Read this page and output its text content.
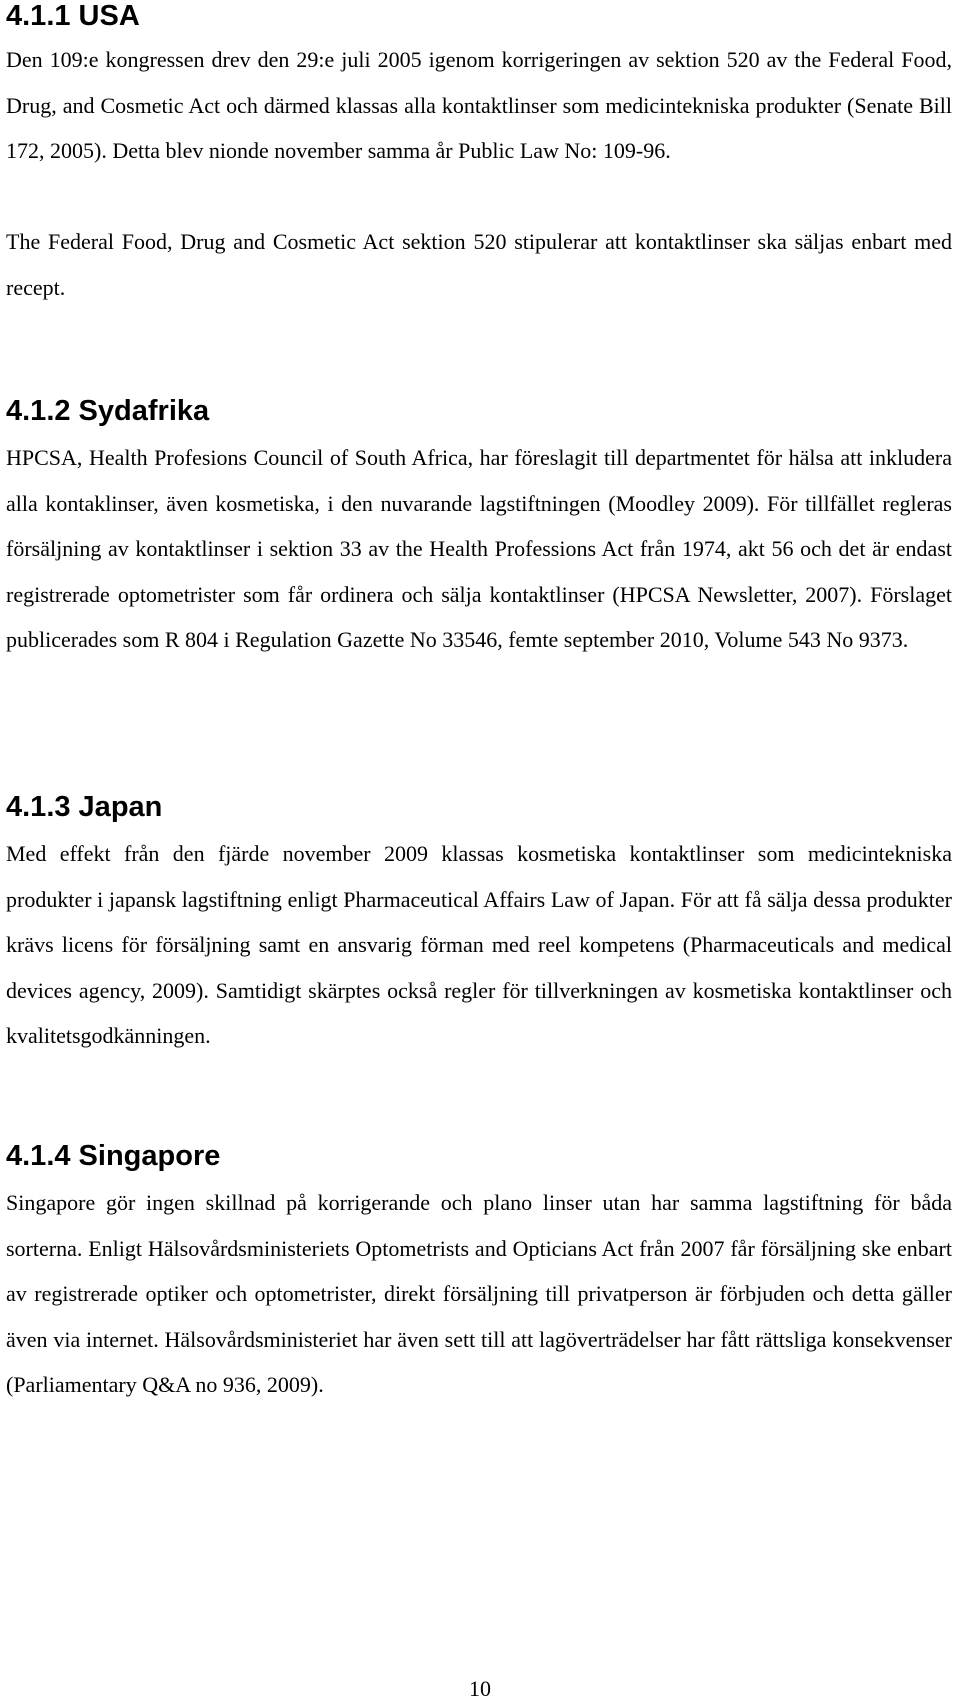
4.1.1 USA

Den 109:e kongressen drev den 29:e juli 2005 igenom korrigeringen av sektion 520 av the Federal Food, Drug, and Cosmetic Act och därmed klassas alla kontaktlinser som medicintekniska produkter (Senate Bill 172, 2005). Detta blev nionde november samma år Public Law No: 109-96.

The Federal Food, Drug and Cosmetic Act sektion 520 stipulerar att kontaktlinser ska säljas enbart med recept.

4.1.2 Sydafrika

HPCSA, Health Profesions Council of South Africa, har föreslagit till departmentet för hälsa att inkludera alla kontaklinser, även kosmetiska, i den nuvarande lagstiftningen (Moodley 2009). För tillfället regleras försäljning av kontaktlinser i sektion 33 av the Health Professions Act från 1974, akt 56 och det är endast registrerade optometrister som får ordinera och sälja kontaktlinser (HPCSA Newsletter, 2007). Förslaget publicerades som R 804 i Regulation Gazette No 33546, femte september 2010, Volume 543 No 9373.

4.1.3 Japan

Med effekt från den fjärde november 2009 klassas kosmetiska kontaktlinser som medicintekniska produkter i japansk lagstiftning enligt Pharmaceutical Affairs Law of Japan. För att få sälja dessa produkter krävs licens för försäljning samt en ansvarig förman med reel kompetens (Pharmaceuticals and medical devices agency, 2009). Samtidigt skärptes också regler för tillverkningen av kosmetiska kontaktlinser och kvalitetsgodkänningen.

4.1.4 Singapore

Singapore gör ingen skillnad på korrigerande och plano linser utan har samma lagstiftning för båda sorterna. Enligt Hälsovårdsministeriets Optometrists and Opticians Act från 2007 får försäljning ske enbart av registrerade optiker och optometrister, direkt försäljning till privatperson är förbjuden och detta gäller även via internet. Hälsovårdsministeriet har även sett till att lagöverträdelser har fått rättsliga konsekvenser (Parliamentary Q&A no 936, 2009).

10
